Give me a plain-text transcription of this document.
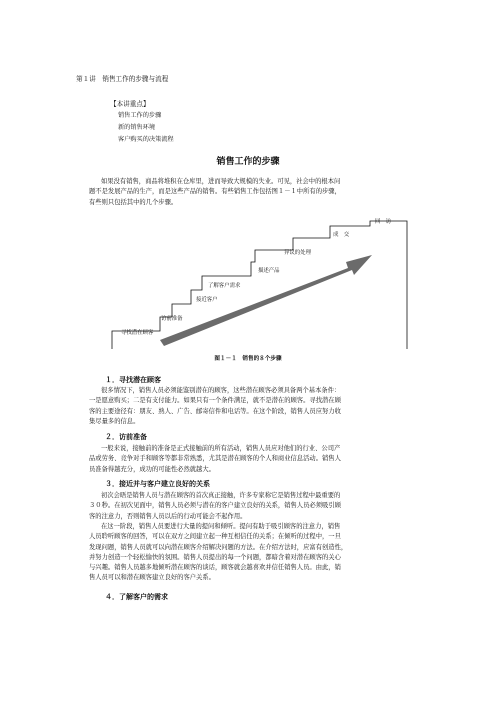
第１讲　销售工作的步骤与流程
【本讲重点】
销售工作的步骤
新的销售环境
客户购买的决策流程
销售工作的步骤
如果没有销售，商品将堆积在仓库里，进而导致大规模的失业。可见，社会中的根本问
题不是发展产品的生产，而是这些产品的销售。有些销售工作包括图１－１中所有的步骤，
有些则只包括其中的几个步骤。
寻找潜在顾客
访前准备
接近客户
了解客户需求
描述产品
异议的处理
成　交
回　访
图１－１　销售的８个步骤
１．寻找潜在顾客
很多情况下，销售人员必须能鉴别潜在的顾客，这些潜在顾客必须具备两个基本条件：
一是愿意购买；二是有支付能力。如果只有一个条件满足，就不是潜在的顾客。寻找潜在顾
客的主要途径有：朋友、熟人、广告、邮寄信件和电话等。在这个阶段，销售人员应努力收
集尽量多的信息。
２．访前准备
一般来说，接触前的准备是正式接触前的所有活动，销售人员应对他们的行业、公司产
品或劳务、竞争对手和顾客等都非常熟悉，尤其是潜在顾客的个人和商业信息活动。销售人
员准备得越充分，成功的可能性必然就越大。
３．接近并与客户建立良好的关系
初次会晤是销售人员与潜在顾客的首次真正接触，许多专家称它是销售过程中最重要的
３０秒。在初次见面中，销售人员必须与潜在的客户建立良好的关系，销售人员必须吸引顾
客的注意力，否则销售人员以后的行动可能会不起作用。
在这一阶段，销售人员要进行大量的提问和倾听。提问有助于吸引顾客的注意力，销售
人员聆听顾客的回答，可以在双方之间建立起一种互相信任的关系；在倾听的过程中，一旦
发现问题，销售人员就可以向潜在顾客介绍解决问题的方法。在介绍方法时，应富有创造性，
并努力创造一个轻松愉快的氛围。销售人员提出的每一个问题，都暗含着对潜在顾客的关心
与兴趣。销售人员越多地倾听潜在顾客的谈话，顾客就会越喜欢并信任销售人员。由此，销
售人员可以和潜在顾客建立良好的客户关系。
４．了解客户的需求
